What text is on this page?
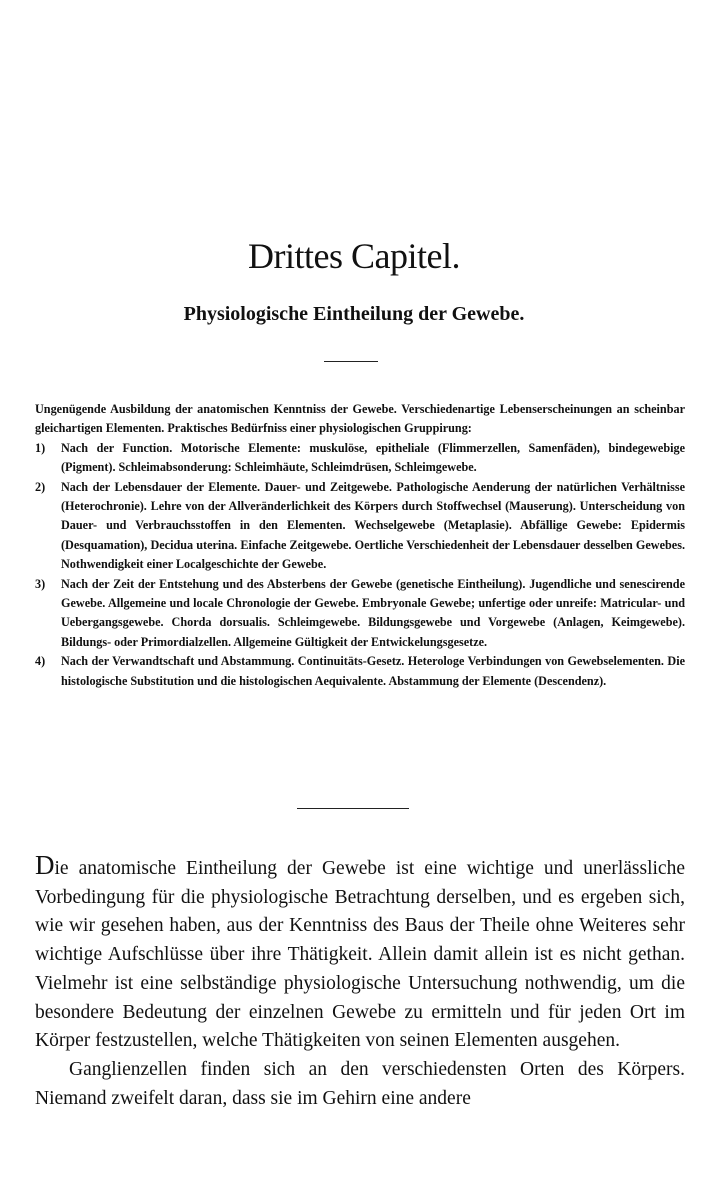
Drittes Capitel.
Physiologische Eintheilung der Gewebe.

Ungenügende Ausbildung der anatomischen Kenntniss der Gewebe. Verschiedenartige Lebenserscheinungen an scheinbar gleichartigen Elementen. Praktisches Bedürfniss einer physiologischen Gruppirung:

1) Nach der Function. Motorische Elemente: muskulöse, epitheliale (Flimmerzellen, Samenfäden), bindegewebige (Pigment). Schleimabsonderung: Schleimhäute, Schleimdrüsen, Schleimgewebe.

2) Nach der Lebensdauer der Elemente. Dauer- und Zeitgewebe. Pathologische Aenderung der natürlichen Verhältnisse (Heterochronie). Lehre von der Allveränderlichkeit des Körpers durch Stoffwechsel (Mauserung). Unterscheidung von Dauer- und Verbrauchsstoffen in den Elementen. Wechselgewebe (Metaplasie). Abfällige Gewebe: Epidermis (Desquamation), Decidua uterina. Einfache Zeitgewebe. Oertliche Verschiedenheit der Lebensdauer desselben Gewebes. Nothwendigkeit einer Localgeschichte der Gewebe.

3) Nach der Zeit der Entstehung und des Absterbens der Gewebe (genetische Eintheilung). Jugendliche und senescirende Gewebe. Allgemeine und locale Chronologie der Gewebe. Embryonale Gewebe; unfertige oder unreife: Matricular- und Uebergangsgewebe. Chorda dorsualis. Schleimgewebe. Bildungsgewebe und Vorgewebe (Anlagen, Keimgewebe). Bildungs- oder Primordialzellen. Allgemeine Gültigkeit der Entwickelungsgesetze.

4) Nach der Verwandtschaft und Abstammung. Continuitäts-Gesetz. Heterologe Verbindungen von Gewebselementen. Die histologische Substitution und die histologischen Aequivalente. Abstammung der Elemente (Descendenz).

Die anatomische Eintheilung der Gewebe ist eine wichtige und unerlässliche Vorbedingung für die physiologische Betrachtung derselben, und es ergeben sich, wie wir gesehen haben, aus der Kenntniss des Baus der Theile ohne Weiteres sehr wichtige Aufschlüsse über ihre Thätigkeit. Allein damit allein ist es nicht gethan. Vielmehr ist eine selbständige physiologische Untersuchung nothwendig, um die besondere Bedeutung der einzelnen Gewebe zu ermitteln und für jeden Ort im Körper festzustellen, welche Thätigkeiten von seinen Elementen ausgehen.

Ganglienzellen finden sich an den verschiedensten Orten des Körpers. Niemand zweifelt daran, dass sie im Gehirn eine andere
